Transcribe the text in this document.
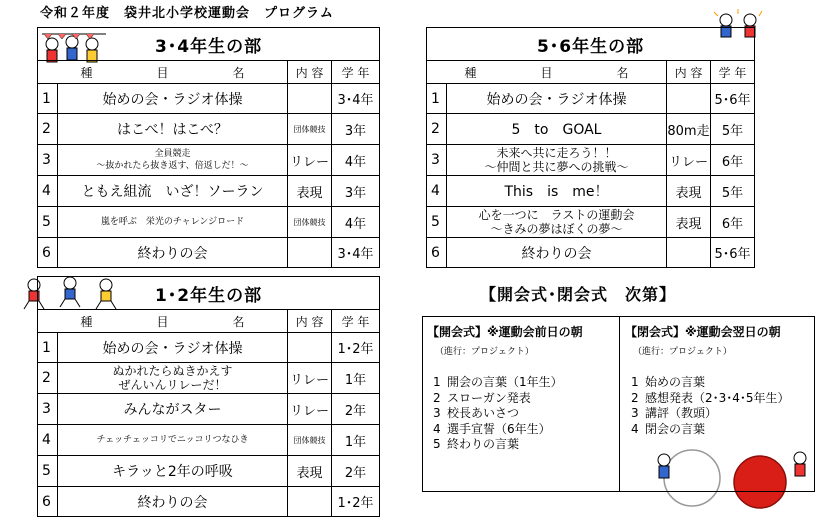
令和２年度　袋井北小学校運動会　プログラム
3･4年生の部			
種　目　名		内 容	学 年
1	始めの会・ラジオ体操		3･4年
2	はこべ！はこべ？	団体競技	3年
3	全員競走
～抜かれたら抜き返す、倍返しだ！～	リレー	4年
4	ともえ組流　いざ！ソーラン	表現	3年
5	嵐を呼ぶ　栄光のチャレンジロード	団体競技	4年
6	終わりの会		3･4年
5･6年生の部			
種　目　名		内 容	学 年
1	始めの会・ラジオ体操		5･6年
2	5　to　GOAL	80m走	5年
3	未来へ共に走ろう！！
～仲間と共に夢への挑戦～	リレー	6年
4	This　is　me！	表現	5年
5	心を一つに　ラストの運動会
～きみの夢はぼくの夢～	表現	6年
6	終わりの会		5･6年
1･2年生の部			
種　目　名		内 容	学 年
1	始めの会・ラジオ体操		1･2年
2	ぬかれたらぬきかえす
ぜんいんリレーだ！	リレー	1年
3	みんながスター	リレー	2年
4	チェッチェッコリでニッコリつなひき	団体競技	1年
5	キラッと2年の呼吸	表現	2年
6	終わりの会		1･2年
【開会式･閉会式　次第】
【開会式】※運動会前日の朝
（進行：プロジェクト）
1 開会の言葉（1年生）
2 スローガン発表
3 校長あいさつ
4 選手宣誓（6年生）
5 終わりの言葉
【閉会式】※運動会翌日の朝
（進行：プロジェクト）
1 始めの言葉
2 感想発表（2･3･4･5年生）
3 講評（教頭）
4 閉会の言葉
